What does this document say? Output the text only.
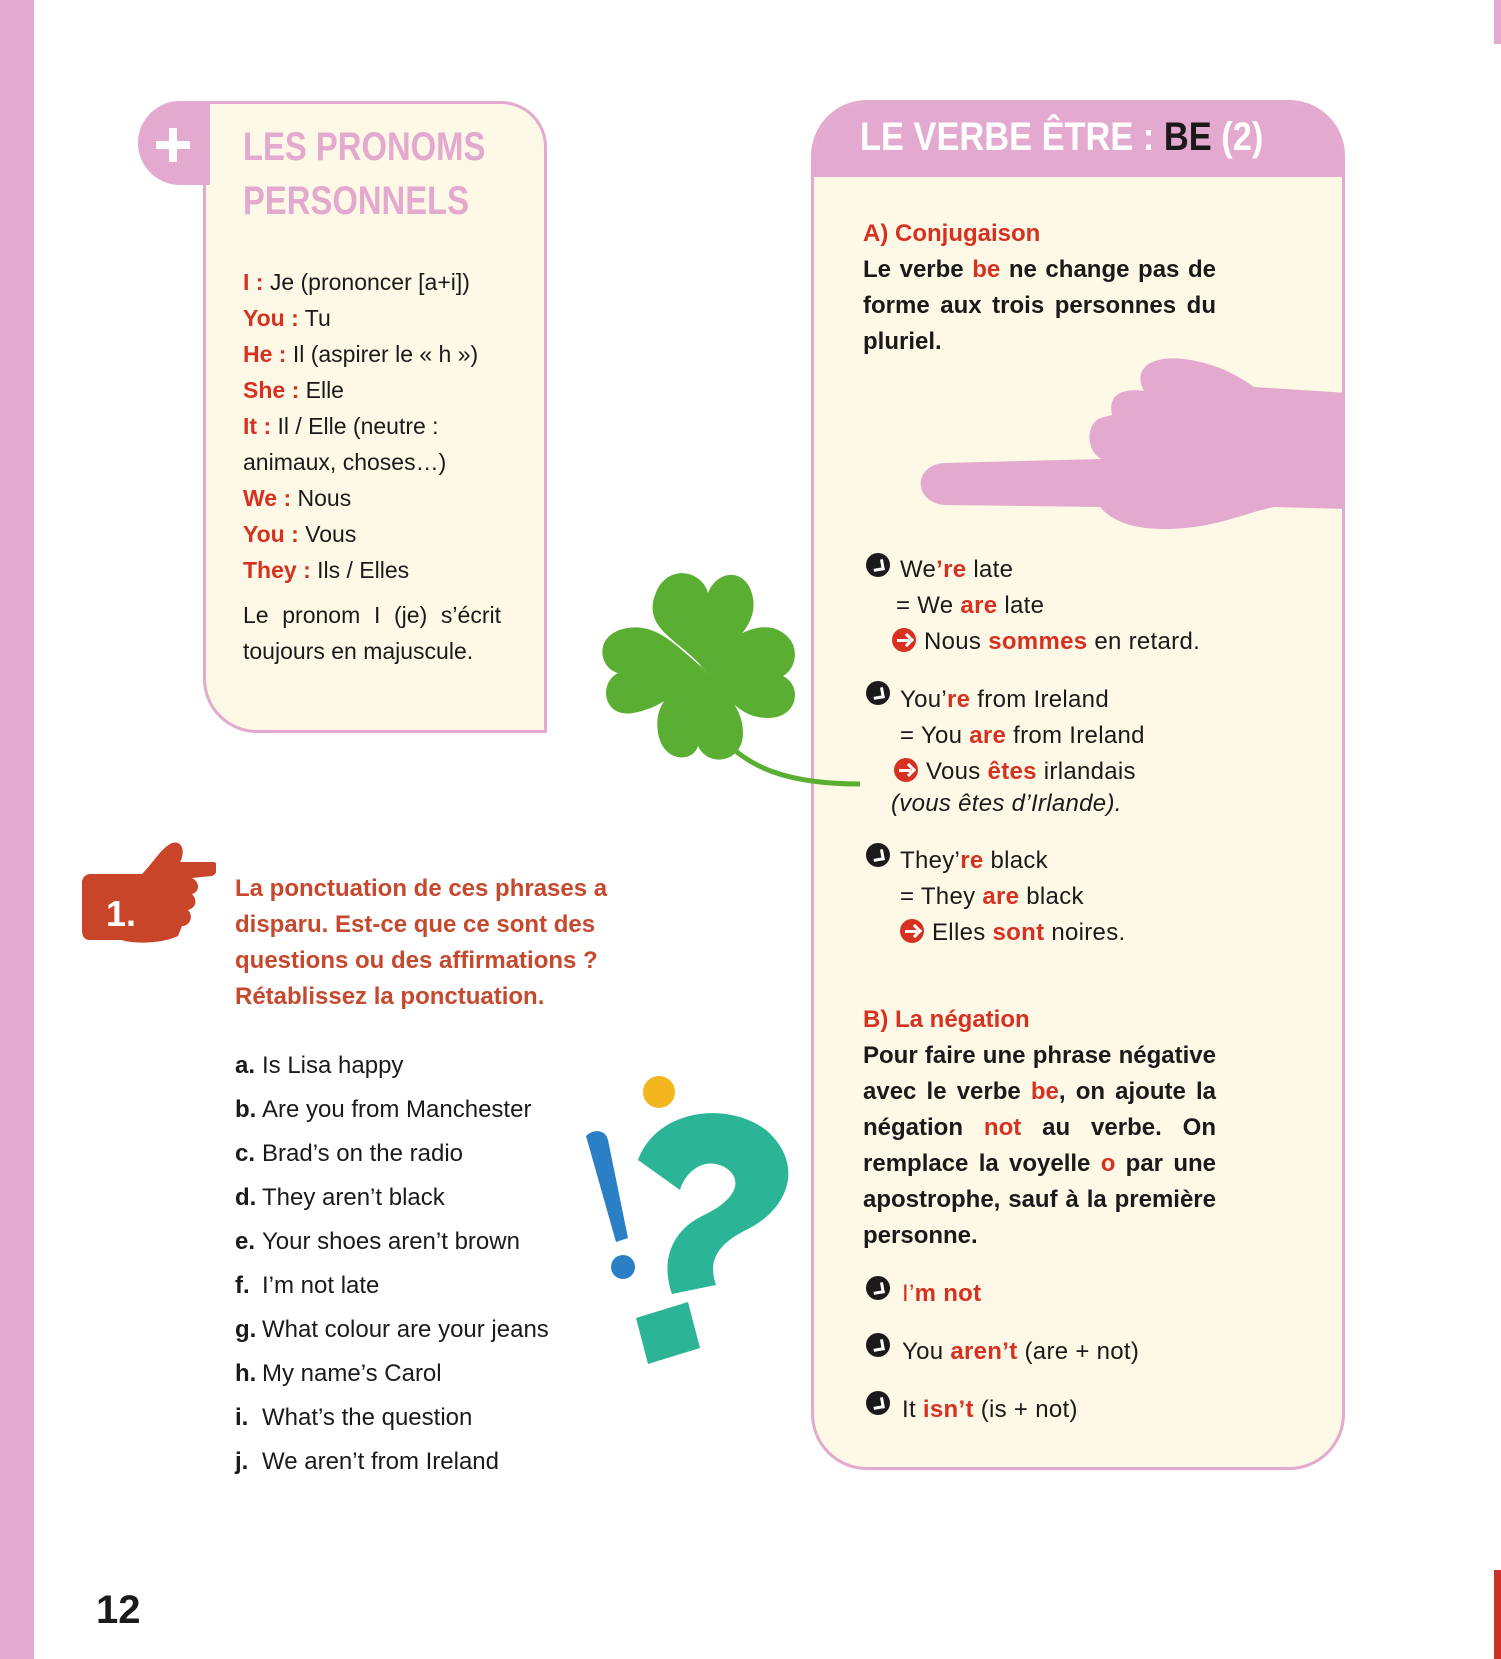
LES PRONOMS
PERSONNELS
I : Je (prononcer [a+i])
You : Tu
He : Il (aspirer le « h »)
She : Elle
It : Il / Elle (neutre :
animaux, choses…)
We : Nous
You : Vous
They : Ils / Elles
Le pronom I (je) s’écrit toujours en majuscule.
LE VERBE ÊTRE : BE (2)
A) Conjugaison
Le verbe be ne change pas de forme aux trois personnes du pluriel.
We’re late
= We are late
Nous sommes en retard.
You’re from Ireland
= You are from Ireland
Vous êtes irlandais
(vous êtes d’Irlande).
They’re black
= They are black
Elles sont noires.
B) La négation
Pour faire une phrase négative avec le verbe be, on ajoute la négation not au verbe. On remplace la voyelle o par une apostrophe, sauf à la première personne.
I’m not
You aren’t (are + not)
It isn’t (is + not)
1.
La ponctuation de ces phrases a disparu. Est-ce que ce sont des questions ou des affirmations ? Rétablissez la ponctuation.
a. Is Lisa happy
b. Are you from Manchester
c. Brad’s on the radio
d. They aren’t black
e. Your shoes aren’t brown
f. I’m not late
g. What colour are your jeans
h. My name’s Carol
i. What’s the question
j. We aren’t from Ireland
12
